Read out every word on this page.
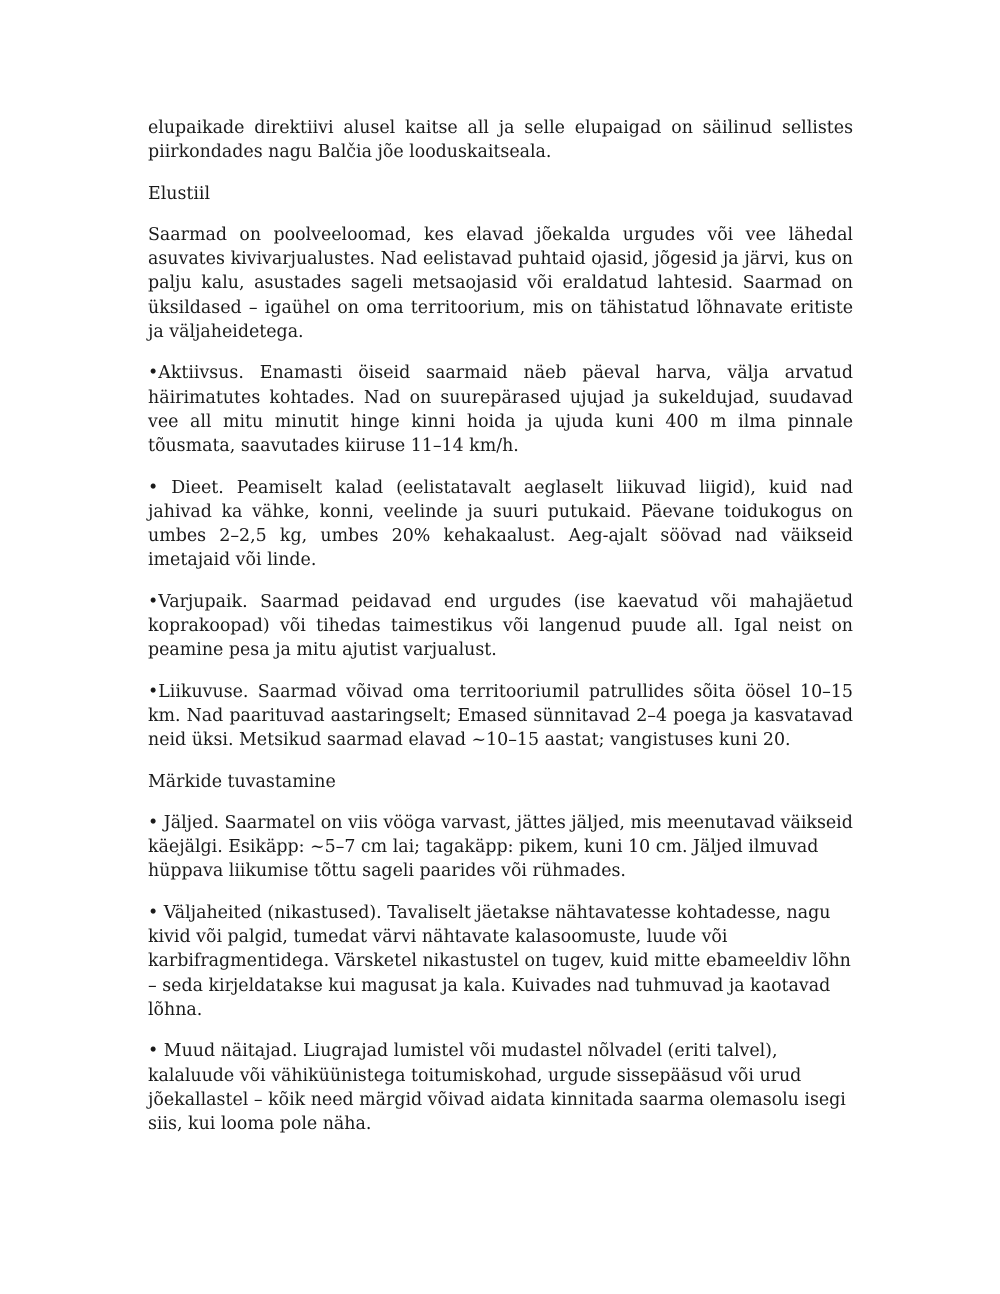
elupaikade direktiivi alusel kaitse all ja selle elupaigad on säilinud sellistes piirkondades nagu Balčia jõe looduskaitseala.

Elustiil

Saarmad on poolveeloomad, kes elavad jõekalda urgudes või vee lähedal asuvates kivivarjualustes. Nad eelistavad puhtaid ojasid, jõgesid ja järvi, kus on palju kalu, asustades sageli metsaojasid või eraldatud lahtesid. Saarmad on üksildased – igaühel on oma territoorium, mis on tähistatud lõhnavate eritiste ja väljaheidetega.

•Aktiivsus. Enamasti öiseid saarmaid näeb päeval harva, välja arvatud häirimatutes kohtades. Nad on suurepärased ujujad ja sukeldujad, suudavad vee all mitu minutit hinge kinni hoida ja ujuda kuni 400 m ilma pinnale tõusmata, saavutades kiiruse 11–14 km/h.

• Dieet. Peamiselt kalad (eelistatavalt aeglaselt liikuvad liigid), kuid nad jahivad ka vähke, konni, veelinde ja suuri putukaid. Päevane toidukogus on umbes 2–2,5 kg, umbes 20% kehakaalust. Aeg-ajalt söövad nad väikseid imetajaid või linde.

•Varjupaik. Saarmad peidavad end urgudes (ise kaevatud või mahajäetud koprakoopad) või tihedas taimestikus või langenud puude all. Igal neist on peamine pesa ja mitu ajutist varjualust.

•Liikuvuse. Saarmad võivad oma territooriumil patrullides sõita öösel 10–15 km. Nad paarituvad aastaringselt; Emased sünnitavad 2–4 poega ja kasvatavad neid üksi. Metsikud saarmad elavad ~10–15 aastat; vangistuses kuni 20.

Märkide tuvastamine

• Jäljed. Saarmatel on viis vööga varvast, jättes jäljed, mis meenutavad väikseid käejälgi. Esikäpp: ~5–7 cm lai; tagakäpp: pikem, kuni 10 cm. Jäljed ilmuvad hüppava liikumise tõttu sageli paarides või rühmades.

• Väljaheited (nikastused). Tavaliselt jäetakse nähtavatesse kohtadesse, nagu kivid või palgid, tumedat värvi nähtavate kalasoomuste, luude või karbifragmentidega. Värsketel nikastustel on tugev, kuid mitte ebameeldiv lõhn – seda kirjeldatakse kui magusat ja kala. Kuivades nad tuhmuvad ja kaotavad lõhna.

• Muud näitajad. Liugrajad lumistel või mudastel nõlvadel (eriti talvel), kalaluude või vähiküünistega toitumiskohad, urgude sissepääsud või urud jõekallastel – kõik need märgid võivad aidata kinnitada saarma olemasolu isegi siis, kui looma pole näha.
